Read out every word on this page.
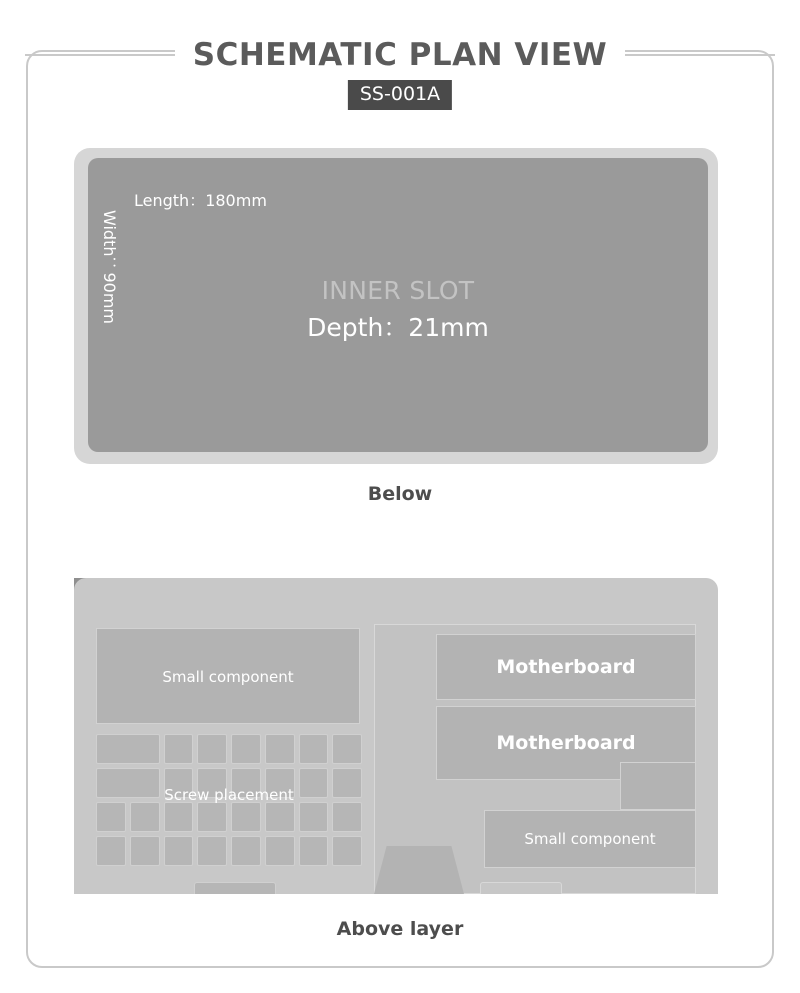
SCHEMATIC PLAN VIEW
SS-001A
Length：180mm
Width：90mm	INNER SLOT
Depth：21mm
Below
Small component
Screw placement
Motherboard
Motherboard
Small component
Above layer
